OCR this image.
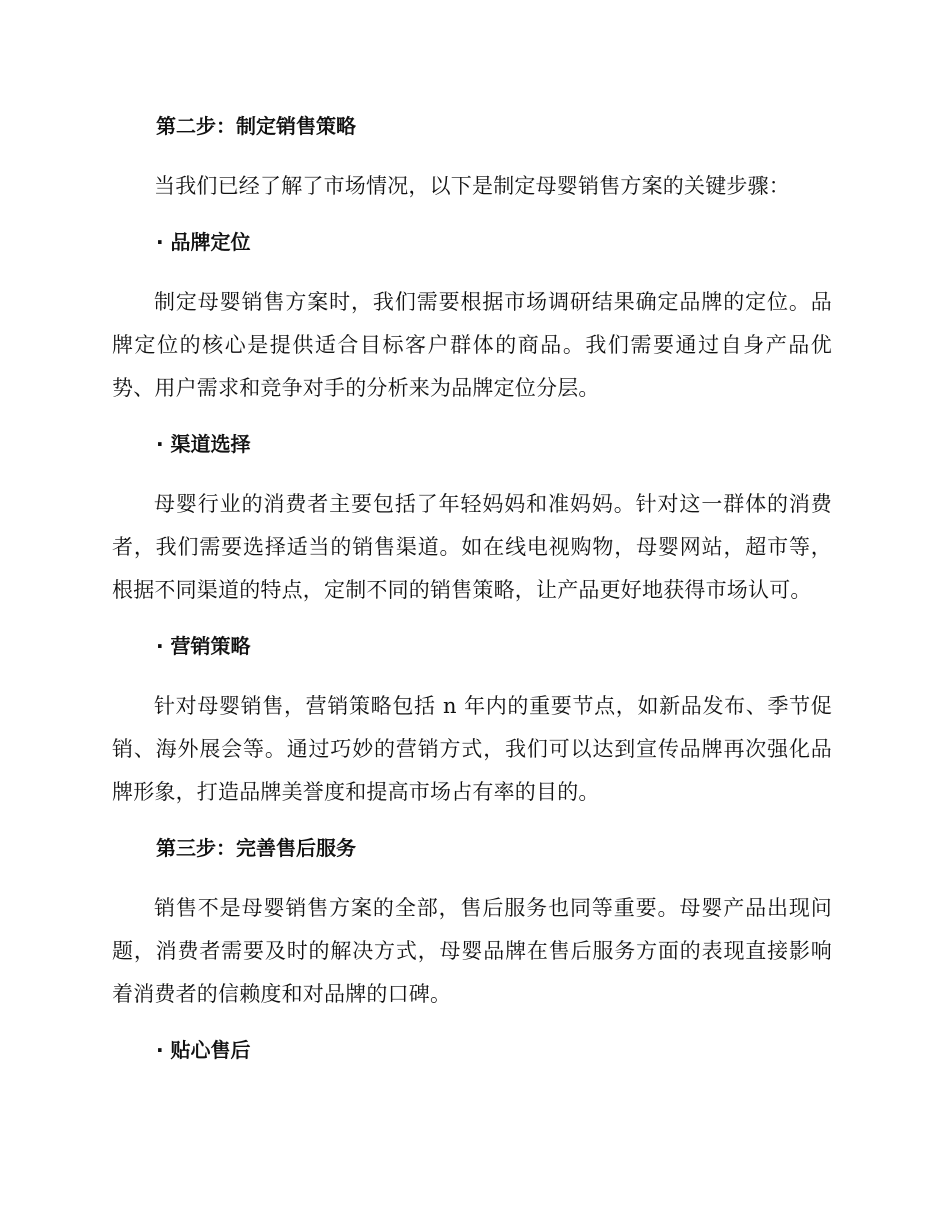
第二步：制定销售策略

当我们已经了解了市场情况，以下是制定母婴销售方案的关键步骤：

· 品牌定位

制定母婴销售方案时，我们需要根据市场调研结果确定品牌的定位。品牌定位的核心是提供适合目标客户群体的商品。我们需要通过自身产品优势、用户需求和竞争对手的分析来为品牌定位分层。

· 渠道选择

母婴行业的消费者主要包括了年轻妈妈和准妈妈。针对这一群体的消费者，我们需要选择适当的销售渠道。如在线电视购物，母婴网站，超市等，根据不同渠道的特点，定制不同的销售策略，让产品更好地获得市场认可。

· 营销策略

针对母婴销售，营销策略包括 n 年内的重要节点，如新品发布、季节促销、海外展会等。通过巧妙的营销方式，我们可以达到宣传品牌再次强化品牌形象，打造品牌美誉度和提高市场占有率的目的。

第三步：完善售后服务

销售不是母婴销售方案的全部，售后服务也同等重要。母婴产品出现问题，消费者需要及时的解决方式，母婴品牌在售后服务方面的表现直接影响着消费者的信赖度和对品牌的口碑。

· 贴心售后
